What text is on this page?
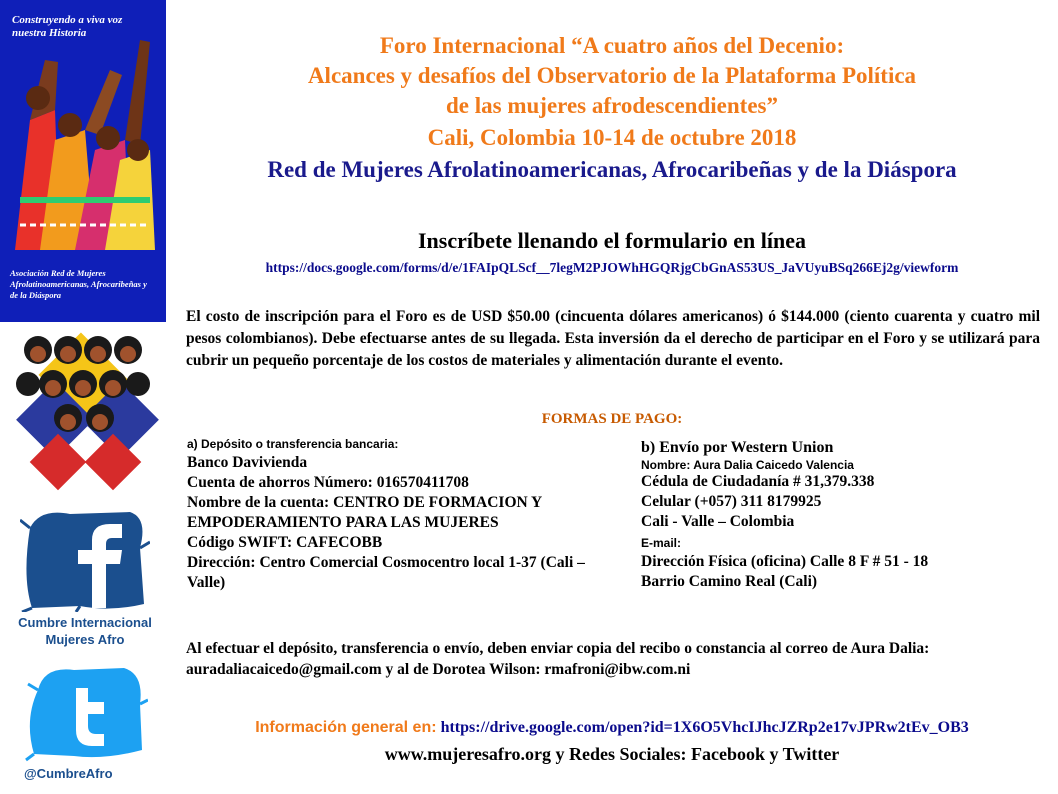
Construyendo a viva voz nuestra Historia
Asociación Red de Mujeres Afrolatinoamericanas, Afrocaribeñas y de la Diáspora
Cumbre Internacional
Mujeres Afro
@CumbreAfro
Foro Internacional “A cuatro años del Decenio:
Alcances y desafíos del Observatorio de la Plataforma Política
de las mujeres afrodescendientes”
Cali, Colombia 10-14 de octubre 2018
Red de Mujeres Afrolatinoamericanas, Afrocaribeñas y de la Diáspora
Inscríbete llenando el formulario en línea
https://docs.google.com/forms/d/e/1FAIpQLScf__7legM2PJOWhHGQRjgCbGnAS53US_JaVUyuBSq266Ej2g/viewform
El costo de inscripción para el Foro es de USD $50.00 (cincuenta dólares americanos) ó $144.000 (ciento cuarenta y cuatro mil pesos colombianos). Debe efectuarse antes de su llegada. Esta inversión da el derecho de participar en el Foro y se utilizará para cubrir un pequeño porcentaje de los costos de materiales y alimentación durante el evento.
FORMAS DE PAGO:
a) Depósito o transferencia bancaria:
Banco Davivienda
Cuenta de ahorros Número: 016570411708
Nombre de la cuenta: CENTRO DE FORMACION Y EMPODERAMIENTO PARA LAS MUJERES
Código SWIFT: CAFECOBB
Dirección: Centro Comercial Cosmocentro local 1-37 (Cali – Valle)
b) Envío por Western Union
Nombre: Aura Dalia Caicedo Valencia
Cédula de Ciudadanía # 31,379.338
Celular (+057) 311 8179925
Cali - Valle – Colombia
E-mail:
Dirección Física (oficina) Calle 8 F # 51 - 18
Barrio Camino Real (Cali)
Al efectuar el depósito, transferencia o envío, deben enviar copia del recibo o constancia al correo de Aura Dalia: auradaliacaicedo@gmail.com y al de Dorotea Wilson: rmafroni@ibw.com.ni
Información general en: https://drive.google.com/open?id=1X6O5VhcIJhcJZRp2e17vJPRw2tEv_OB3
www.mujeresafro.org y Redes Sociales: Facebook y Twitter
